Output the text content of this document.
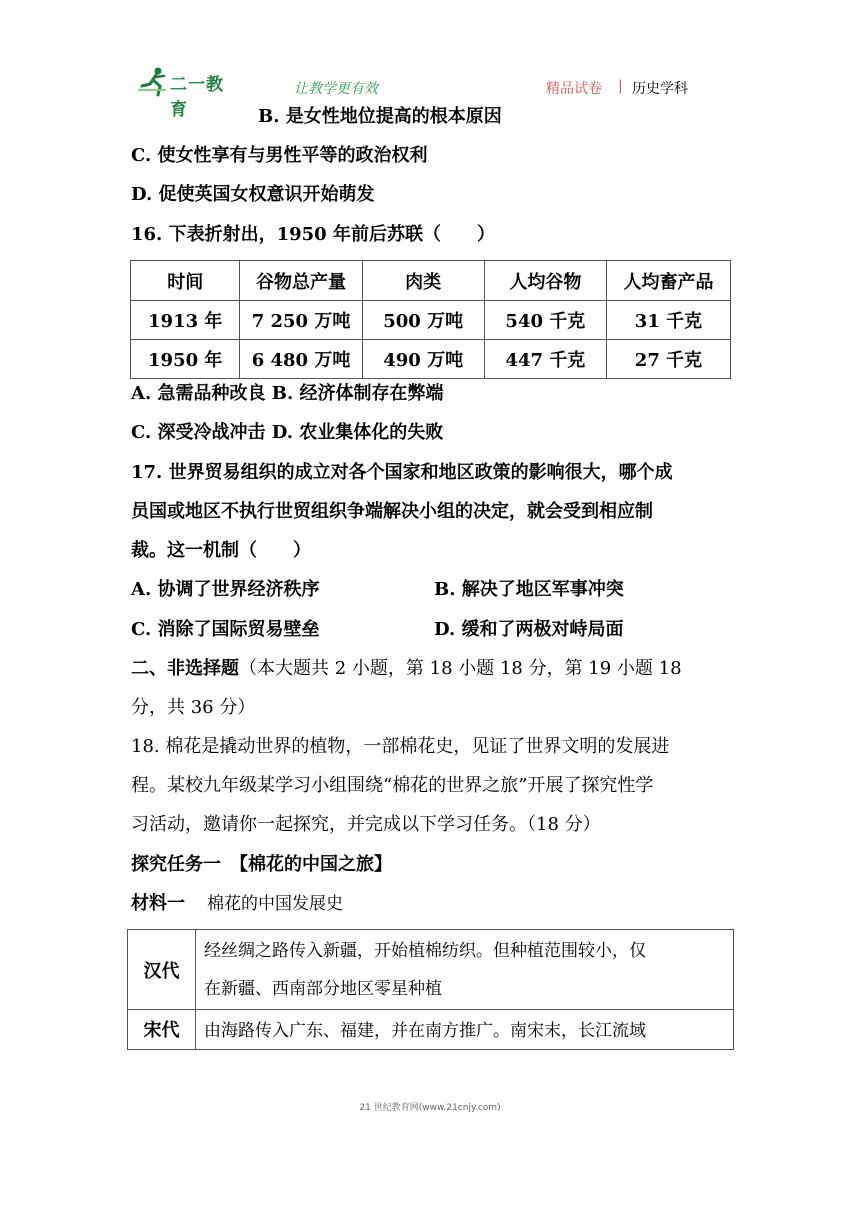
二一教育
让教学更有效	精品试卷 | 历史学科
B. 是女性地位提高的根本原因
C. 使女性享有与男性平等的政治权利
D. 促使英国女权意识开始萌发
16. 下表折射出，1950 年前后苏联（　　）
时间	谷物总产量	肉类	人均谷物	人均畜产品
1913 年	7 250 万吨	500 万吨	540 千克	31 千克
1950 年	6 480 万吨	490 万吨	447 千克	27 千克
A. 急需品种改良 B. 经济体制存在弊端
C. 深受冷战冲击 D. 农业集体化的失败
17. 世界贸易组织的成立对各个国家和地区政策的影响很大，哪个成
员国或地区不执行世贸组织争端解决小组的决定，就会受到相应制
裁。这一机制（　　）
A. 协调了世界经济秩序	B. 解决了地区军事冲突
C. 消除了国际贸易壁垒	D. 缓和了两极对峙局面
二、非选择题（本大题共 2 小题，第 18 小题 18 分，第 19 小题 18
分，共 36 分）
18. 棉花是撬动世界的植物，一部棉花史，见证了世界文明的发展进
程。某校九年级某学习小组围绕“棉花的世界之旅”开展了探究性学
习活动，邀请你一起探究，并完成以下学习任务。（18 分）
探究任务一　【棉花的中国之旅】
材料一 棉花的中国发展史
汉代	经丝绸之路传入新疆，开始植棉纺织。但种植范围较小，仅
在新疆、西南部分地区零星种植

宋代	由海路传入广东、福建，并在南方推广。南宋末，长江流域
21 世纪教育网(www.21cnjy.com)
